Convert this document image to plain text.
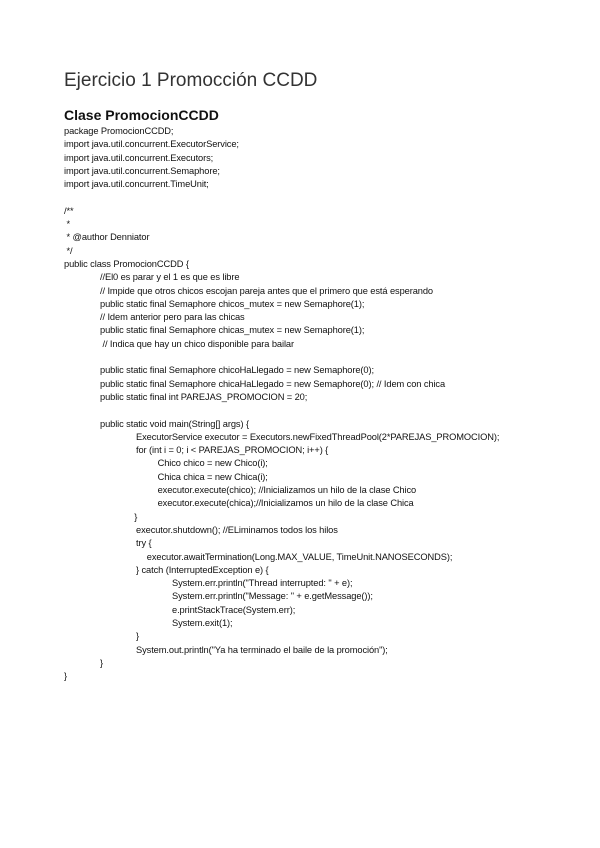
Ejercicio 1 Promocción CCDD
Clase PromocionCCDD
package PromocionCCDD;
import java.util.concurrent.ExecutorService;
import java.util.concurrent.Executors;
import java.util.concurrent.Semaphore;
import java.util.concurrent.TimeUnit;
/**
*
* @author Denniator
*/
public class PromocionCCDD {
//El0 es parar y el 1 es que es libre
// Impide que otros chicos escojan pareja antes que el primero que está esperando
public static final Semaphore chicos_mutex = new Semaphore(1);
// Idem anterior pero para las chicas
public static final Semaphore chicas_mutex = new Semaphore(1);
// Indica que hay un chico disponible para bailar
public static final Semaphore chicoHaLlegado = new Semaphore(0);
public static final Semaphore chicaHaLlegado = new Semaphore(0); // Idem con chica
public static final int PAREJAS_PROMOCION = 20;
public static void main(String[] args) {
ExecutorService executor = Executors.newFixedThreadPool(2*PAREJAS_PROMOCION);
for (int i = 0; i < PAREJAS_PROMOCION; i++) {
Chico chico = new Chico(i);
Chica chica = new Chica(i);
executor.execute(chico); //Inicializamos un hilo de la clase Chico
executor.execute(chica);//Inicializamos un hilo de la clase Chica
}
executor.shutdown(); //ELiminamos todos los hilos
try {
executor.awaitTermination(Long.MAX_VALUE, TimeUnit.NANOSECONDS);
} catch (InterruptedException e) {
System.err.println("Thread interrupted: " + e);
System.err.println("Message: " + e.getMessage());
e.printStackTrace(System.err);
System.exit(1);
}
System.out.println("Ya ha terminado el baile de la promoción");
}
}
